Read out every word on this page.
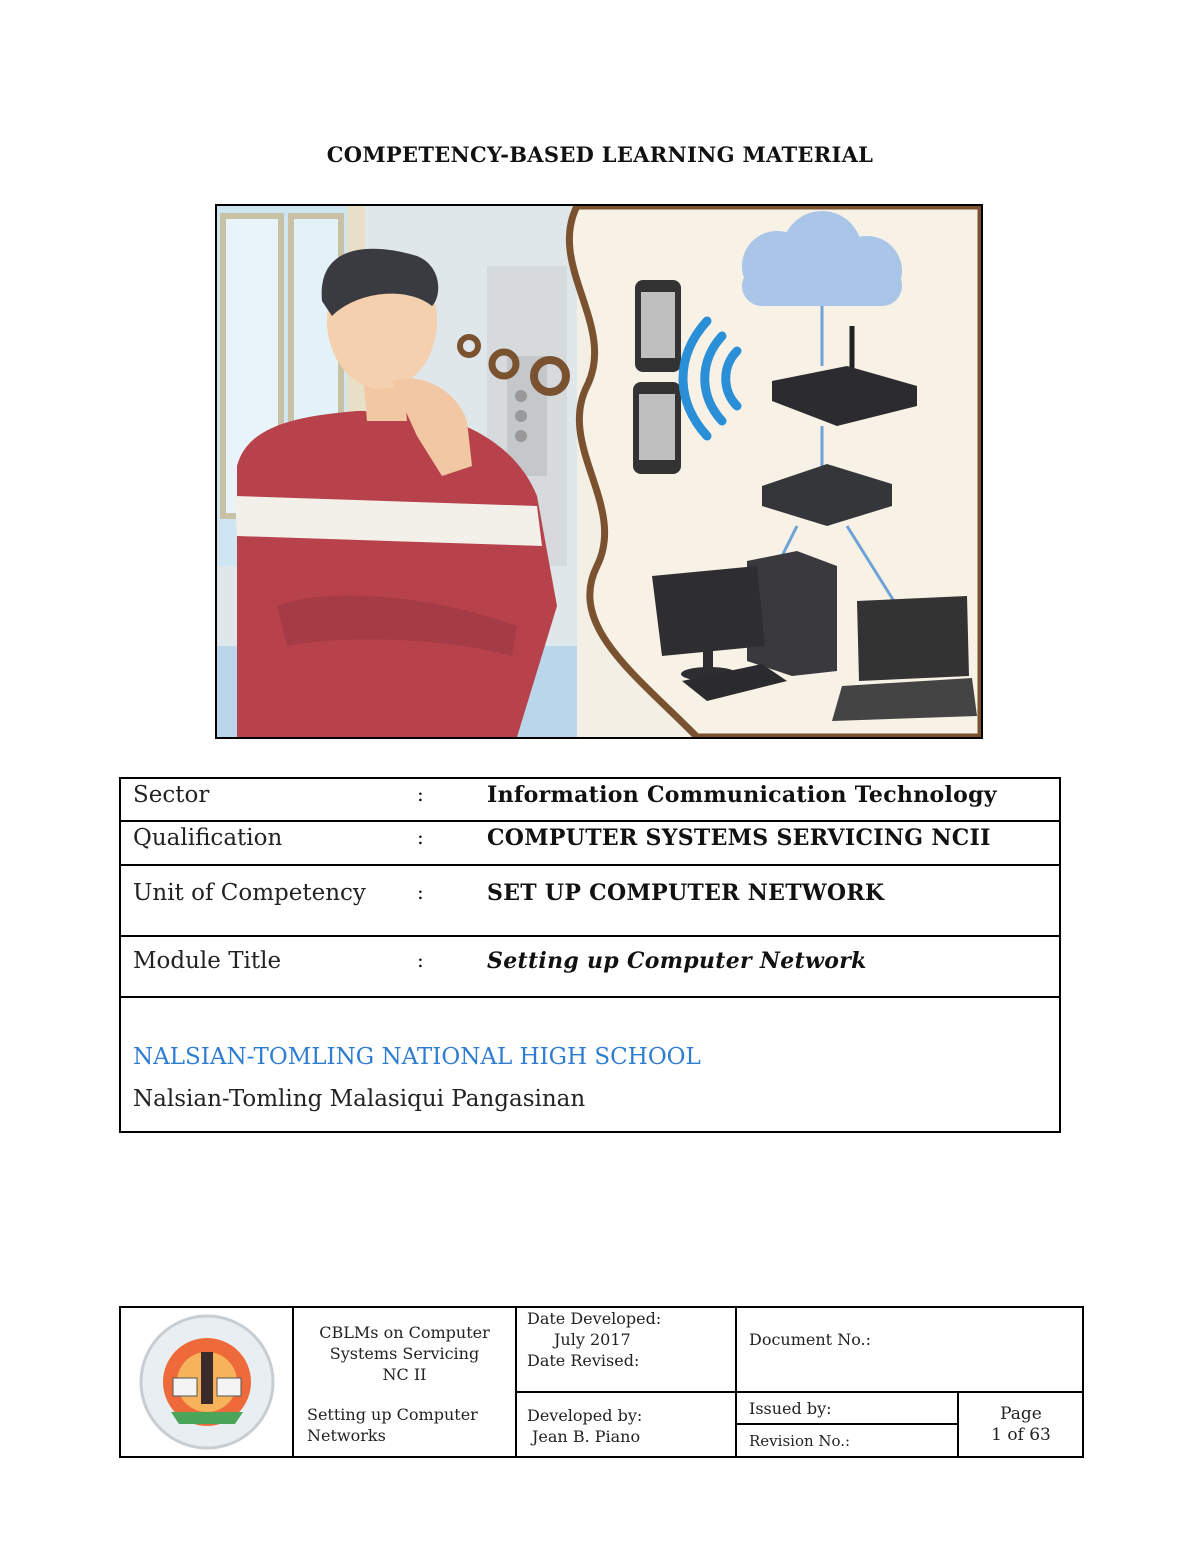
COMPETENCY-BASED LEARNING MATERIAL
Sector	:	Information Communication Technology
Qualification	:	COMPUTER SYSTEMS SERVICING NCII
Unit of Competency	:	SET UP COMPUTER NETWORK
Module Title	:	Setting up Computer Network
NALSIAN-TOMLING NATIONAL HIGH SCHOOL
Nalsian-Tomling Malasiqui Pangasinan
CBLMs on Computer
Systems Servicing
NC II
Setting up Computer
Networks
Date Developed:
July 2017
Date Revised:
Developed by:
Jean B. Piano
Document No.:
Issued by:
Revision No.:
Page
1 of 63
